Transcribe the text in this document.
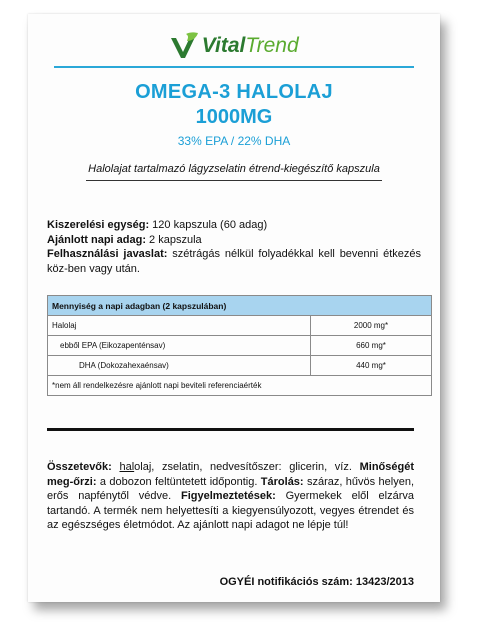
VitalTrend
OMEGA-3 HALOLAJ
1000MG
33% EPA / 22% DHA
Halolajat tartalmazó lágyzselatin étrend-kiegészítő kapszula
Kiszerelési egység: 120 kapszula (60 adag)
Ajánlott napi adag: 2 kapszula
Felhasználási javaslat: szétrágás nélkül folyadékkal kell bevenni étkezés köz-ben vagy után.
Mennyiség a napi adagban (2 kapszulában)	
Halolaj	2000 mg*
ebből EPA (Eikozapenténsav)	660 mg*
DHA (Dokozahexaénsav)	440 mg*
*nem áll rendelkezésre ajánlott napi beviteli referenciaérték	
Összetevők: halolaj, zselatin, nedvesítőszer: glicerin, víz. Minőségét meg-őrzi: a dobozon feltüntetett időpontig. Tárolás: száraz, hűvös helyen, erős napfénytől védve. Figyelmeztetések: Gyermekek elől elzárva tartandó. A termék nem helyettesíti a kiegyensúlyozott, vegyes étrendet és az egészséges életmódot. Az ajánlott napi adagot ne lépje túl!
OGYÉI notifikációs szám: 13423/2013
